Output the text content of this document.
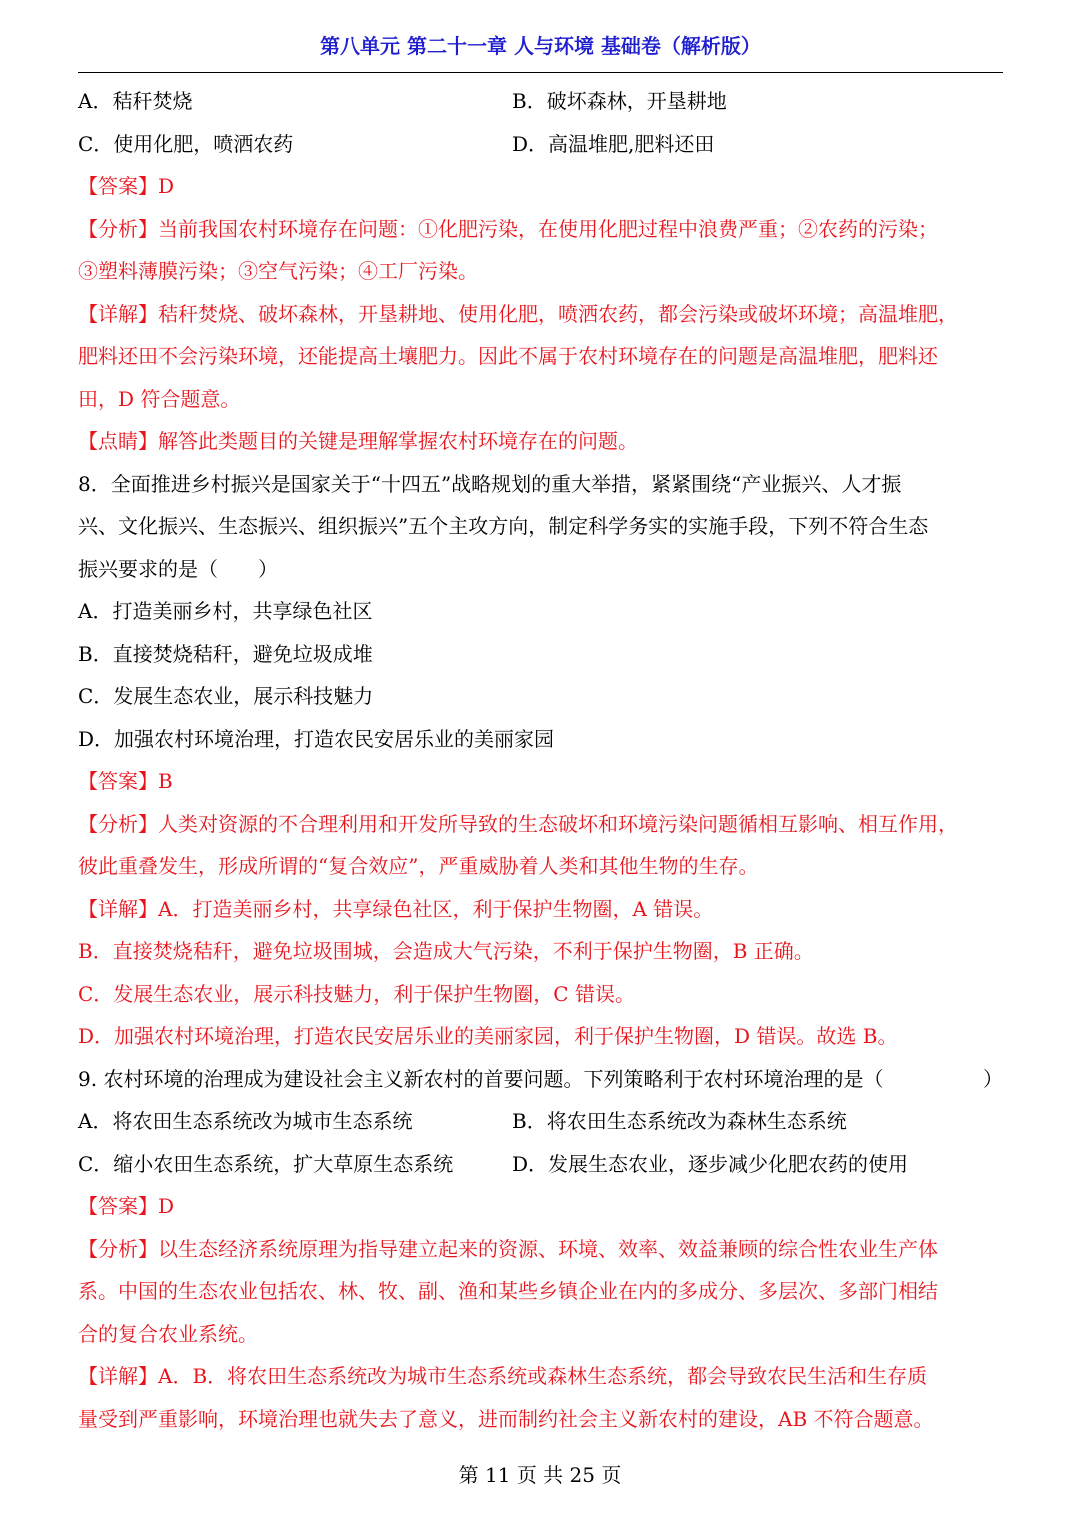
第八单元 第二十一章 人与环境 基础卷（解析版）
A．秸秆焚烧	B．破坏森林，开垦耕地
C．使用化肥，喷洒农药	D．高温堆肥,肥料还田
【答案】D
【分析】当前我国农村环境存在问题：①化肥污染，在使用化肥过程中浪费严重；②农药的污染；
③塑料薄膜污染；③空气污染；④工厂污染。
【详解】秸秆焚烧、破坏森林，开垦耕地、使用化肥，喷洒农药，都会污染或破坏环境；高温堆肥，
肥料还田不会污染环境，还能提高土壤肥力。因此不属于农村环境存在的问题是高温堆肥，肥料还
田，D 符合题意。
【点睛】解答此类题目的关键是理解掌握农村环境存在的问题。
8．全面推进乡村振兴是国家关于“十四五”战略规划的重大举措，紧紧围绕“产业振兴、人才振
兴、文化振兴、生态振兴、组织振兴”五个主攻方向，制定科学务实的实施手段，下列不符合生态
振兴要求的是（　　）
A．打造美丽乡村，共享绿色社区
B．直接焚烧秸秆，避免垃圾成堆
C．发展生态农业，展示科技魅力
D．加强农村环境治理，打造农民安居乐业的美丽家园
【答案】B
【分析】人类对资源的不合理利用和开发所导致的生态破坏和环境污染问题循相互影响、相互作用，
彼此重叠发生，形成所谓的“复合效应”，严重威胁着人类和其他生物的生存。
【详解】A．打造美丽乡村，共享绿色社区，利于保护生物圈，A 错误。
B．直接焚烧秸秆，避免垃圾围城，会造成大气污染，不利于保护生物圈，B 正确。
C．发展生态农业，展示科技魅力，利于保护生物圈，C 错误。
D．加强农村环境治理，打造农民安居乐业的美丽家园，利于保护生物圈，D 错误。故选 B。
9. 农村环境的治理成为建设社会主义新农村的首要问题。下列策略利于农村环境治理的是（	）
A．将农田生态系统改为城市生态系统	B．将农田生态系统改为森林生态系统
C．缩小农田生态系统，扩大草原生态系统	D．发展生态农业，逐步减少化肥农药的使用
【答案】D
【分析】以生态经济系统原理为指导建立起来的资源、环境、效率、效益兼顾的综合性农业生产体
系。中国的生态农业包括农、林、牧、副、渔和某些乡镇企业在内的多成分、多层次、多部门相结
合的复合农业系统。
【详解】A．B．将农田生态系统改为城市生态系统或森林生态系统，都会导致农民生活和生存质
量受到严重影响，环境治理也就失去了意义，进而制约社会主义新农村的建设，AB 不符合题意。
第 11 页 共 25 页
